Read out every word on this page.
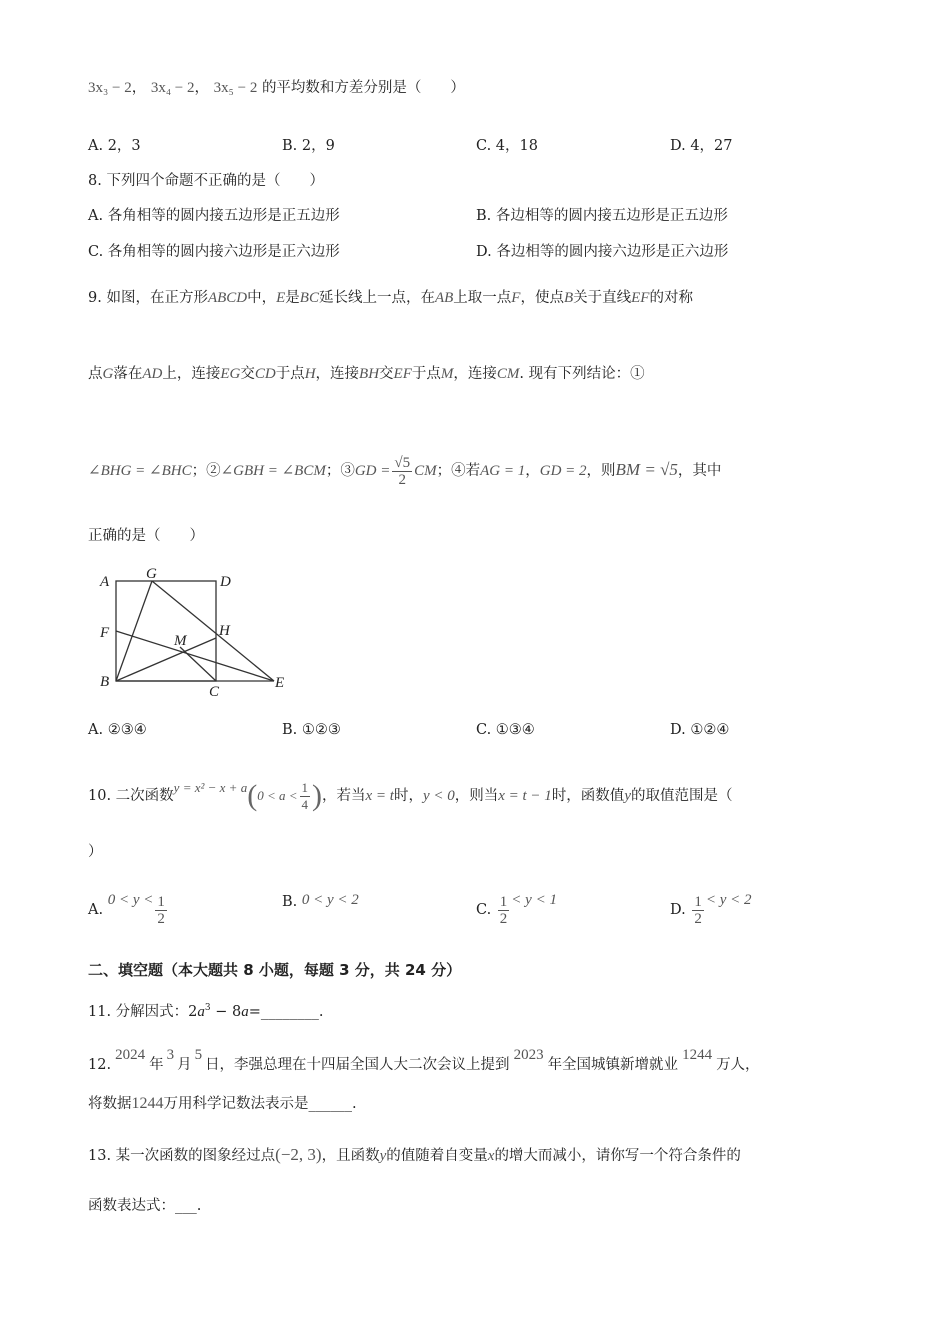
3x₃ − 2， 3x₄ − 2， 3x₅ − 2 的平均数和方差分别是（　　）
A. 2，3	B. 2，9	C. 4，18	D. 4，27
8. 下列四个命题不正确的是（　　）
A. 各角相等的圆内接五边形是正五边形	B. 各边相等的圆内接五边形是正五边形
C. 各角相等的圆内接六边形是正六边形	D. 各边相等的圆内接六边形是正六边形
9. 如图，在正方形ABCD中，E是BC延长线上一点，在AB上取一点F，使点B关于直线EF的对称
点G落在AD上，连接EG交CD于点H，连接BH交EF于点M，连接CM. 现有下列结论：①
∠BHG = ∠BHC；②∠GBH = ∠BCM；③GD = $\frac{√5}{2}$ CM；④若AG = 1，GD = 2，则BM = √5，其中
正确的是（　　）
A G	D
F	H
M
B
C
E
A. ②③④	B. ①②③	C. ①③④	D. ①②④
10. 二次函数$y = x^2 - x + a(0 < a < \frac{1}{4}$ )，若当x = t时，y < 0，则当x = t − 1时，函数值y的取值范围是（
）
A. $0 < y < \frac{1}{2}$	B. 0 < y < 2
C. $\frac{1}{2} < y < 1$
D. $\frac{1}{2} < y < 2$
二、填空题（本大题共 8 小题，每题 3 分，共 24 分）
11. 分解因式：$2a^3$ − 8a=________.
12.2024年3月5日，李强总理在十四届全国人大二次会议上提到2023年全国城镇新增就业1244万人，
将数据1244万用科学记数法表示是______.
13. 某一次函数的图象经过点(−2, 3)，且函数y的值随着自变量x的增大而减小，请你写一个符合条件的
函数表达式：___.
